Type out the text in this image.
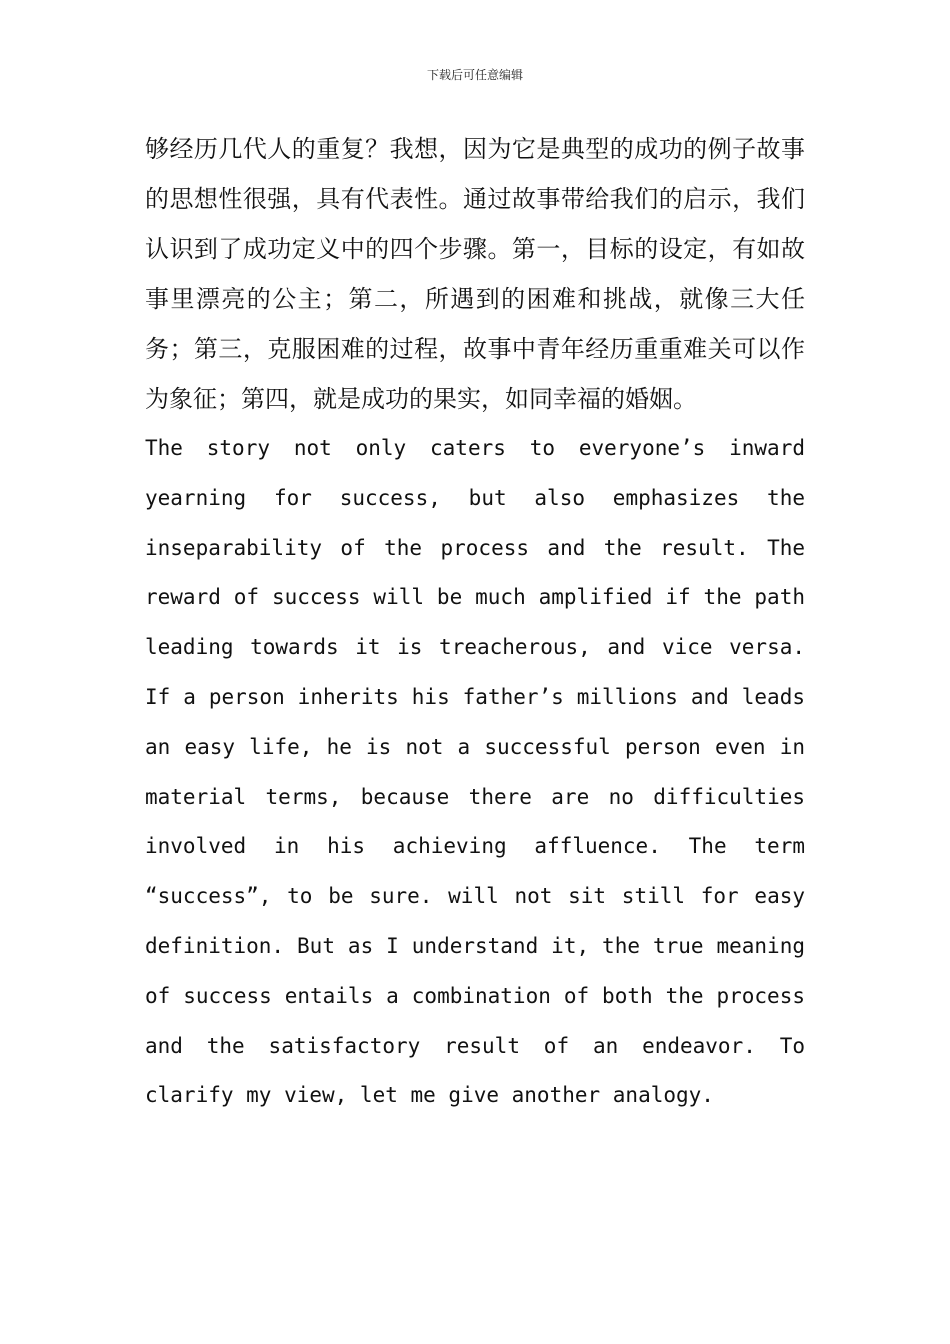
下载后可任意编辑

够经历几代人的重复？我想，因为它是典型的成功的例子故事的思想性很强，具有代表性。通过故事带给我们的启示，我们认识到了成功定义中的四个步骤。第一，目标的设定，有如故事里漂亮的公主；第二，所遇到的困难和挑战，就像三大任务；第三，克服困难的过程，故事中青年经历重重难关可以作为象征；第四，就是成功的果实，如同幸福的婚姻。

The story not only caters to everyone’s inward yearning for success, but also emphasizes the inseparability of the process and the result. The reward of success will be much amplified if the path leading towards it is treacherous, and vice versa. If a person inherits his father’s millions and leads an easy life, he is not a successful person even in material terms, because there are no difficulties involved in his achieving affluence. The term “success”, to be sure. will not sit still for easy definition. But as I understand it, the true meaning of success entails a combination of both the process and the satisfactory result of an endeavor. To clarify my view, let me give another analogy.
